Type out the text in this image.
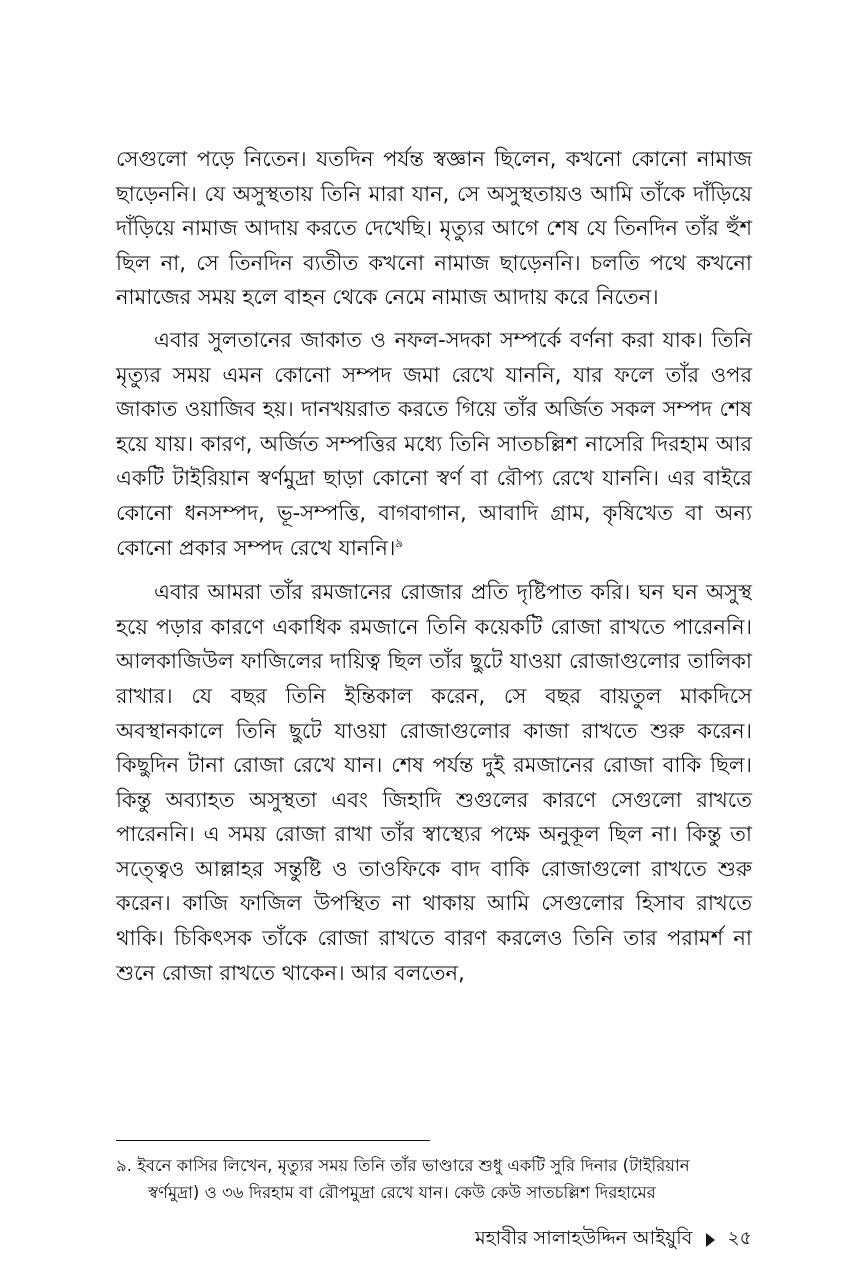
সেগুলো পড়ে নিতেন। যতদিন পর্যন্ত স্বজ্ঞান ছিলেন, কখনো কোনো নামাজ ছাড়েননি। যে অসুস্থতায় তিনি মারা যান, সে অসুস্থতায়ও আমি তাঁকে দাঁড়িয়ে দাঁড়িয়ে নামাজ আদায় করতে দেখেছি। মৃত্যুর আগে শেষ যে তিনদিন তাঁর হুঁশ ছিল না, সে তিনদিন ব্যতীত কখনো নামাজ ছাড়েননি। চলতি পথে কখনো নামাজের সময় হলে বাহন থেকে নেমে নামাজ আদায় করে নিতেন।

এবার সুলতানের জাকাত ও নফল-সদকা সম্পর্কে বর্ণনা করা যাক। তিনি মৃত্যুর সময় এমন কোনো সম্পদ জমা রেখে যাননি, যার ফলে তাঁর ওপর জাকাত ওয়াজিব হয়। দানখয়রাত করতে গিয়ে তাঁর অর্জিত সকল সম্পদ শেষ হয়ে যায়। কারণ, অর্জিত সম্পত্তির মধ্যে তিনি সাতচল্লিশ নাসেরি দিরহাম আর একটি টাইরিয়ান স্বর্ণমুদ্রা ছাড়া কোনো স্বর্ণ বা রৌপ্য রেখে যাননি। এর বাইরে কোনো ধনসম্পদ, ভূ-সম্পত্তি, বাগবাগান, আবাদি গ্রাম, কৃষিখেত বা অন্য কোনো প্রকার সম্পদ রেখে যাননি।$^৯$

এবার আমরা তাঁর রমজানের রোজার প্রতি দৃষ্টিপাত করি। ঘন ঘন অসুস্থ হয়ে পড়ার কারণে একাধিক রমজানে তিনি কয়েকটি রোজা রাখতে পারেননি। আলকাজিউল ফাজিলের দায়িত্ব ছিল তাঁর ছুটে যাওয়া রোজাগুলোর তালিকা রাখার। যে বছর তিনি ইন্তিকাল করেন, সে বছর বায়তুল মাকদিসে অবস্থানকালে তিনি ছুটে যাওয়া রোজাগুলোর কাজা রাখতে শুরু করেন। কিছুদিন টানা রোজা রেখে যান। শেষ পর্যন্ত দুই রমজানের রোজা বাকি ছিল। কিন্তু অব্যাহত অসুস্থতা এবং জিহাদি শুগুলের কারণে সেগুলো রাখতে পারেননি। এ সময় রোজা রাখা তাঁর স্বাস্থ্যের পক্ষে অনুকূল ছিল না। কিন্তু তা সত্ত্বেও আল্লাহর সন্তুষ্টি ও তাওফিকে বাদ বাকি রোজাগুলো রাখতে শুরু করেন। কাজি ফাজিল উপস্থিত না থাকায় আমি সেগুলোর হিসাব রাখতে থাকি। চিকিৎসক তাঁকে রোজা রাখতে বারণ করলেও তিনি তার পরামর্শ না শুনে রোজা রাখতে থাকেন। আর বলতেন,

৯. ইবনে কাসির লিখেন, মৃত্যুর সময় তিনি তাঁর ভাণ্ডারে শুধু একটি সুরি দিনার (টাইরিয়ান
স্বর্ণমুদ্রা) ও ৩৬ দিরহাম বা রৌপমুদ্রা রেখে যান। কেউ কেউ সাতচল্লিশ দিরহামের
মহাবীর সালাহউদ্দিন আইয়ুবি ২৫
